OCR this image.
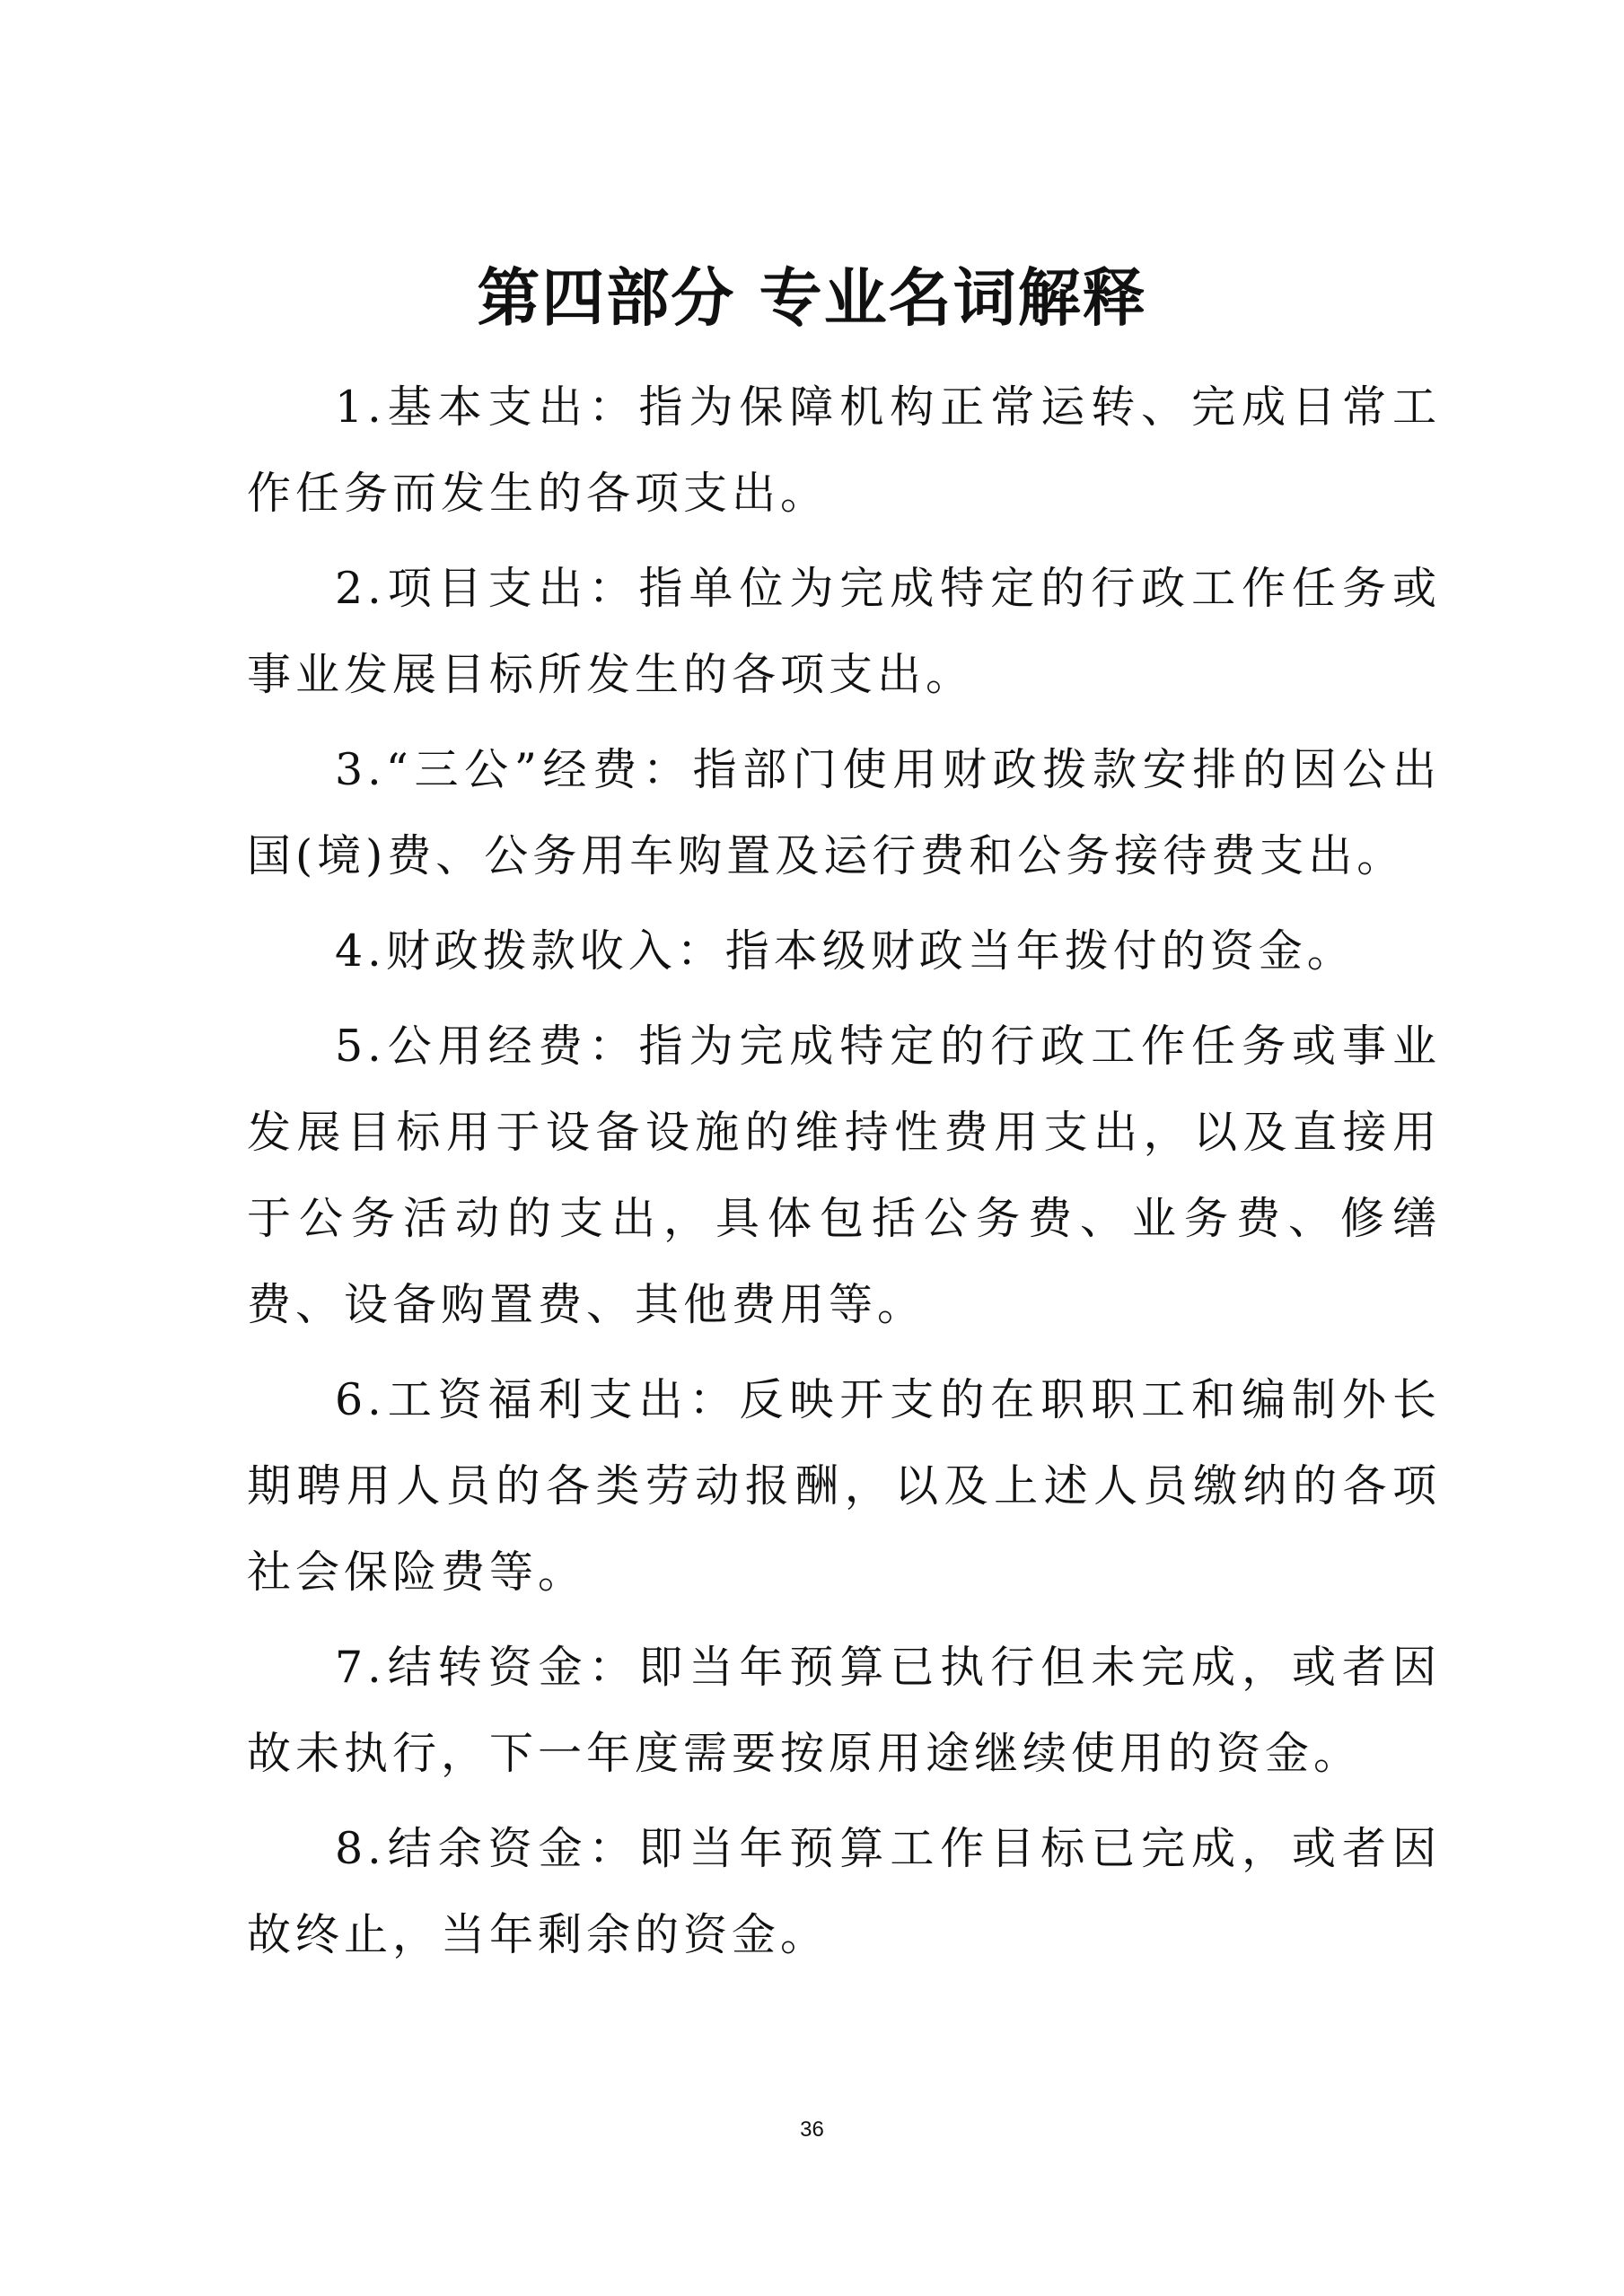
第四部分 专业名词解释

1.基本支出：指为保障机构正常运转、完成日常工作任务而发生的各项支出。

2.项目支出：指单位为完成特定的行政工作任务或事业发展目标所发生的各项支出。

3.“三公”经费：指部门使用财政拨款安排的因公出国(境)费、公务用车购置及运行费和公务接待费支出。

4.财政拨款收入：指本级财政当年拨付的资金。

5.公用经费：指为完成特定的行政工作任务或事业发展目标用于设备设施的维持性费用支出，以及直接用于公务活动的支出，具体包括公务费、业务费、修缮费、设备购置费、其他费用等。

6.工资福利支出：反映开支的在职职工和编制外长期聘用人员的各类劳动报酬，以及上述人员缴纳的各项社会保险费等。

7.结转资金：即当年预算已执行但未完成，或者因故未执行，下一年度需要按原用途继续使用的资金。

8.结余资金：即当年预算工作目标已完成，或者因故终止，当年剩余的资金。

36
